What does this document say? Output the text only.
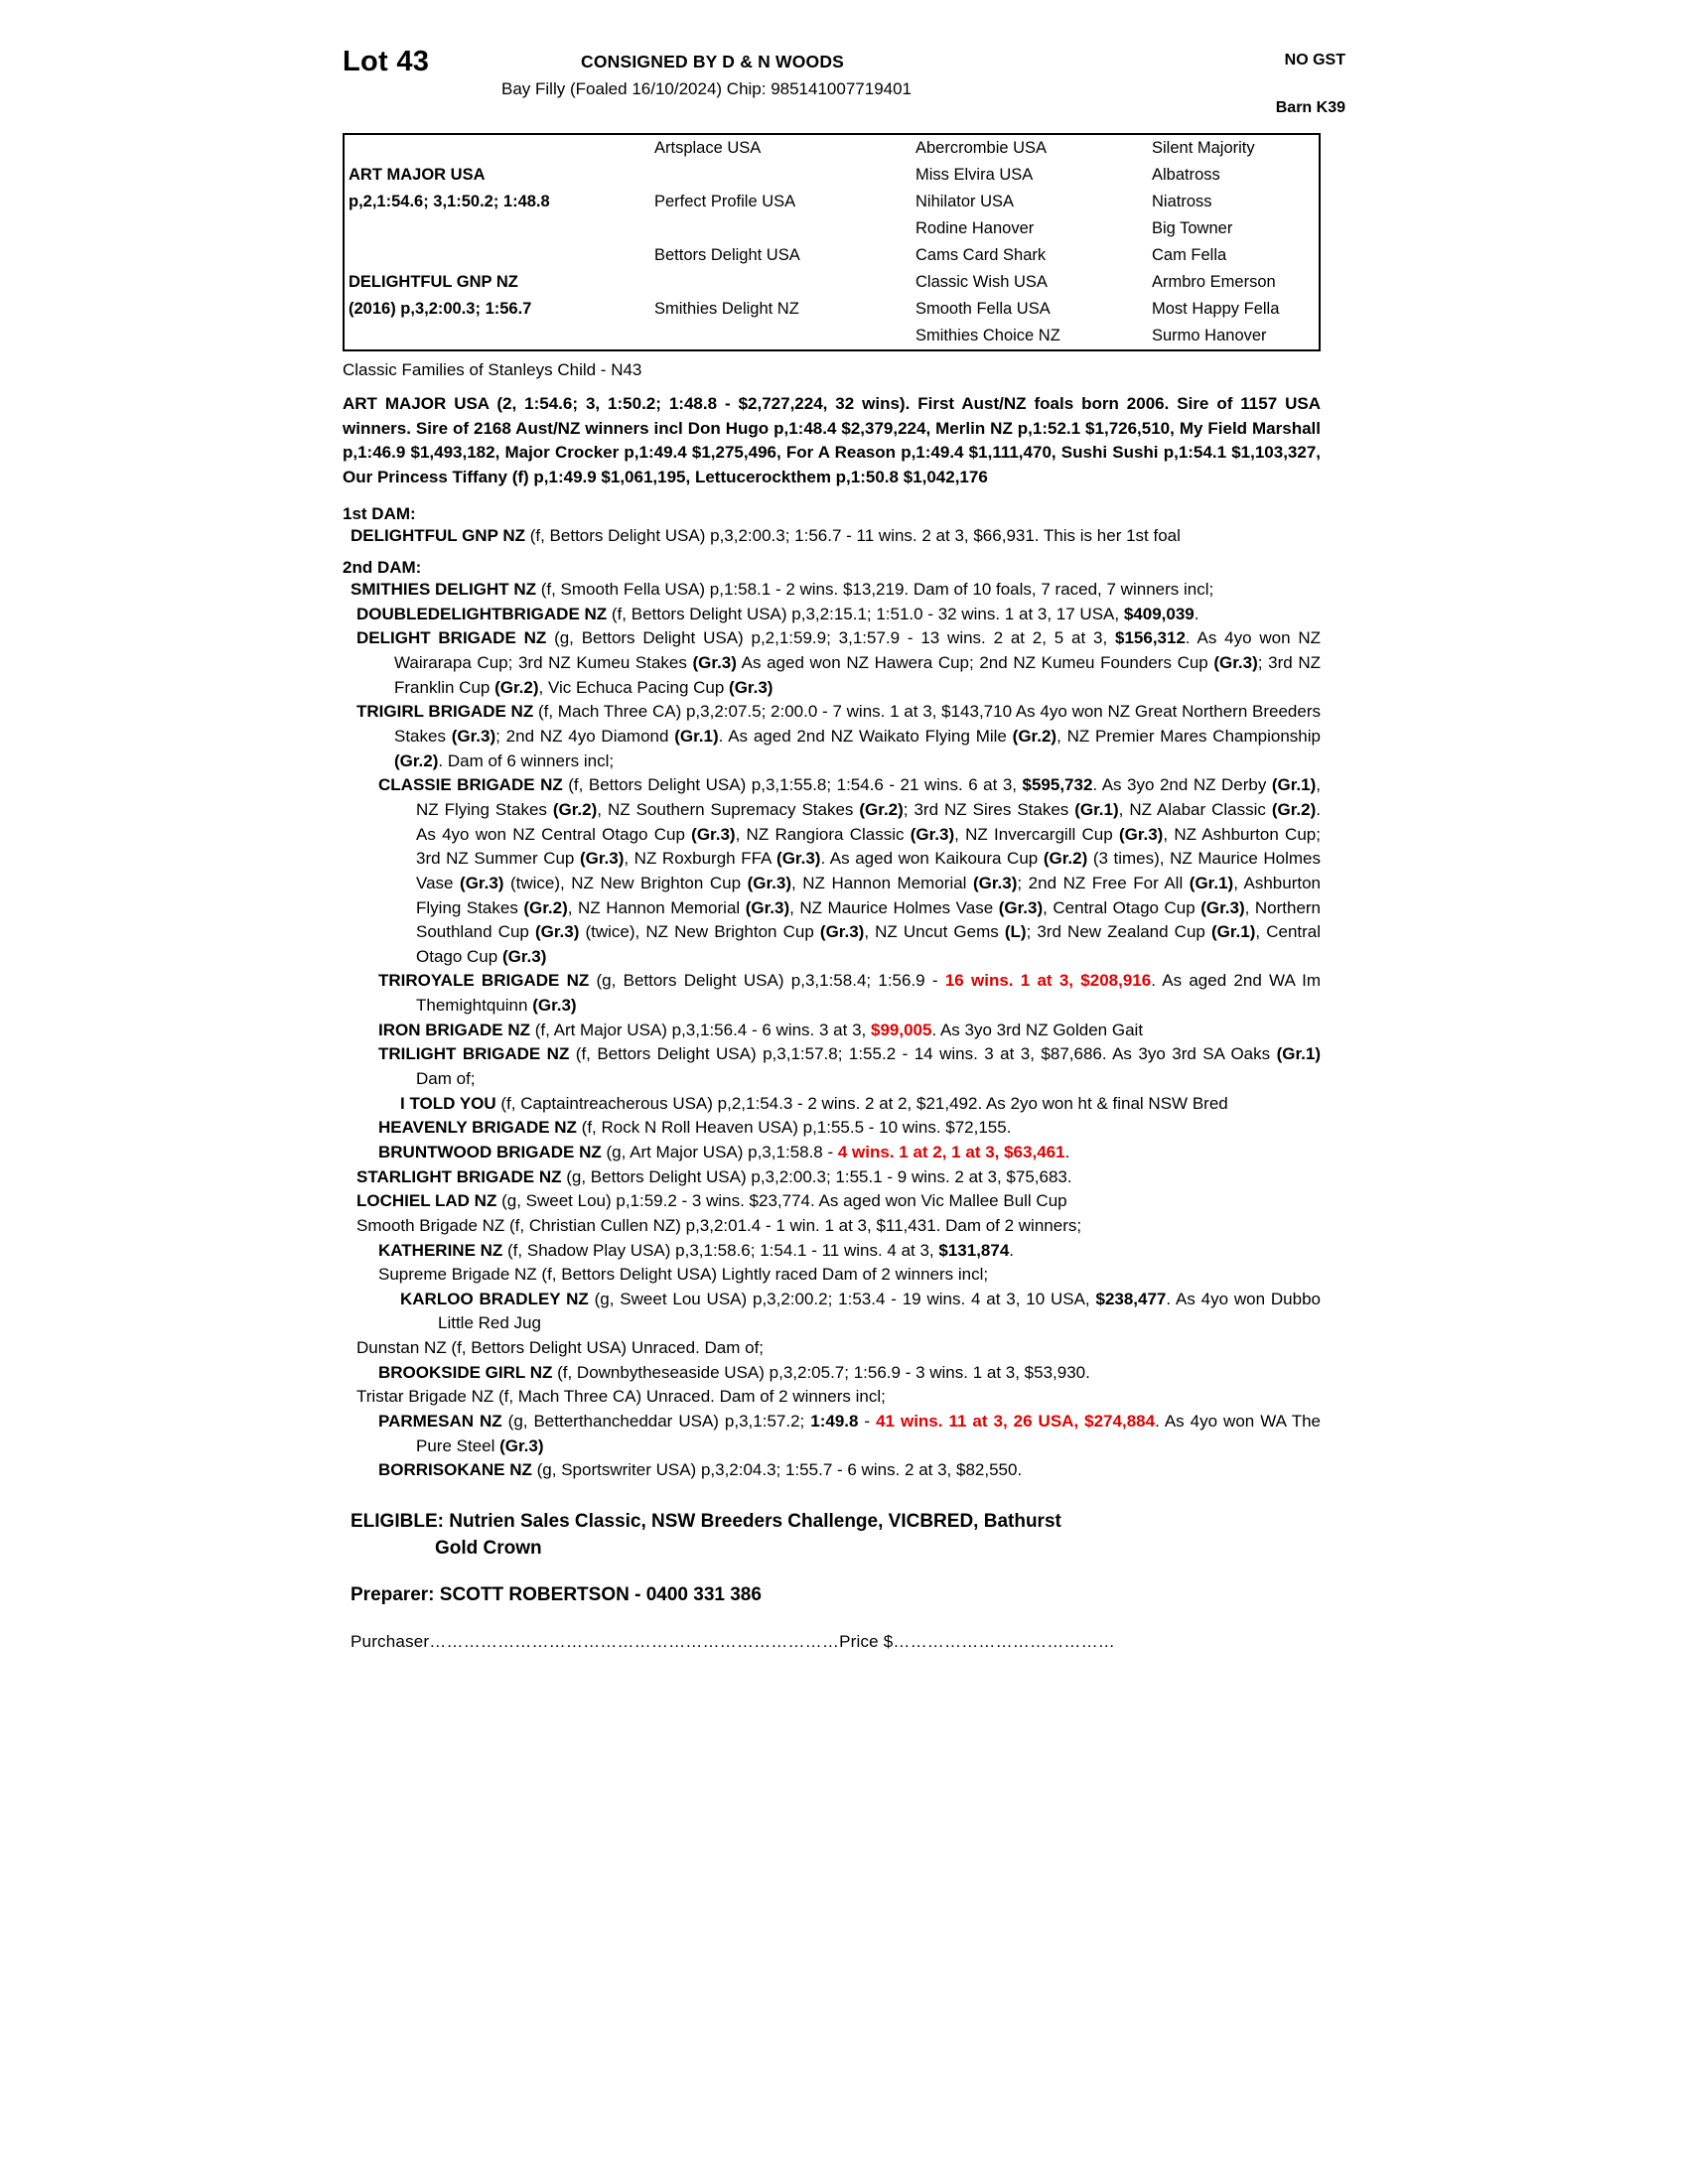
Lot 43	CONSIGNED BY D & N WOODS	NO GST
Bay Filly (Foaled 16/10/2024) Chip: 985141007719401
Barn K39
	Artsplace USA	Abercrombie USA	Silent Majority
ART MAJOR USA		Miss Elvira USA	Albatross
p,2,1:54.6; 3,1:50.2; 1:48.8	Perfect Profile USA	Nihilator USA	Niatross
		Rodine Hanover	Big Towner
	Bettors Delight USA	Cams Card Shark	Cam Fella
DELIGHTFUL GNP NZ		Classic Wish USA	Armbro Emerson
(2016) p,3,2:00.3; 1:56.7	Smithies Delight NZ	Smooth Fella USA	Most Happy Fella
		Smithies Choice NZ	Surmo Hanover
Classic Families of Stanleys Child - N43
ART MAJOR USA (2, 1:54.6; 3, 1:50.2; 1:48.8 - $2,727,224, 32 wins). First Aust/NZ foals born 2006. Sire of 1157 USA winners. Sire of 2168 Aust/NZ winners incl Don Hugo p,1:48.4 $2,379,224, Merlin NZ p,1:52.1 $1,726,510, My Field Marshall p,1:46.9 $1,493,182, Major Crocker p,1:49.4 $1,275,496, For A Reason p,1:49.4 $1,111,470, Sushi Sushi p,1:54.1 $1,103,327, Our Princess Tiffany (f) p,1:49.9 $1,061,195, Lettucerockthem p,1:50.8 $1,042,176
1st DAM:

DELIGHTFUL GNP NZ (f, Bettors Delight USA) p,3,2:00.3; 1:56.7 - 11 wins. 2 at 3, $66,931. This is her 1st foal

2nd DAM:

SMITHIES DELIGHT NZ (f, Smooth Fella USA) p,1:58.1 - 2 wins. $13,219. Dam of 10 foals, 7 raced, 7 winners incl;

DOUBLEDELIGHTBRIGADE NZ (f, Bettors Delight USA) p,3,2:15.1; 1:51.0 - 32 wins. 1 at 3, 17 USA, $409,039.

DELIGHT BRIGADE NZ (g, Bettors Delight USA) p,2,1:59.9; 3,1:57.9 - 13 wins. 2 at 2, 5 at 3, $156,312. As 4yo won NZ Wairarapa Cup; 3rd NZ Kumeu Stakes (Gr.3) As aged won NZ Hawera Cup; 2nd NZ Kumeu Founders Cup (Gr.3); 3rd NZ Franklin Cup (Gr.2), Vic Echuca Pacing Cup (Gr.3)

TRIGIRL BRIGADE NZ (f, Mach Three CA) p,3,2:07.5; 2:00.0 - 7 wins. 1 at 3, $143,710 As 4yo won NZ Great Northern Breeders Stakes (Gr.3); 2nd NZ 4yo Diamond (Gr.1). As aged 2nd NZ Waikato Flying Mile (Gr.2), NZ Premier Mares Championship (Gr.2). Dam of 6 winners incl;

CLASSIE BRIGADE NZ (f, Bettors Delight USA) p,3,1:55.8; 1:54.6 - 21 wins. 6 at 3, $595,732. As 3yo 2nd NZ Derby (Gr.1), NZ Flying Stakes (Gr.2), NZ Southern Supremacy Stakes (Gr.2); 3rd NZ Sires Stakes (Gr.1), NZ Alabar Classic (Gr.2). As 4yo won NZ Central Otago Cup (Gr.3), NZ Rangiora Classic (Gr.3), NZ Invercargill Cup (Gr.3), NZ Ashburton Cup; 3rd NZ Summer Cup (Gr.3), NZ Roxburgh FFA (Gr.3). As aged won Kaikoura Cup (Gr.2) (3 times), NZ Maurice Holmes Vase (Gr.3) (twice), NZ New Brighton Cup (Gr.3), NZ Hannon Memorial (Gr.3); 2nd NZ Free For All (Gr.1), Ashburton Flying Stakes (Gr.2), NZ Hannon Memorial (Gr.3), NZ Maurice Holmes Vase (Gr.3), Central Otago Cup (Gr.3), Northern Southland Cup (Gr.3) (twice), NZ New Brighton Cup (Gr.3), NZ Uncut Gems (L); 3rd New Zealand Cup (Gr.1), Central Otago Cup (Gr.3)

TRIROYALE BRIGADE NZ (g, Bettors Delight USA) p,3,1:58.4; 1:56.9 - 16 wins. 1 at 3, $208,916. As aged 2nd WA Im Themightquinn (Gr.3)

IRON BRIGADE NZ (f, Art Major USA) p,3,1:56.4 - 6 wins. 3 at 3, $99,005. As 3yo 3rd NZ Golden Gait

TRILIGHT BRIGADE NZ (f, Bettors Delight USA) p,3,1:57.8; 1:55.2 - 14 wins. 3 at 3, $87,686. As 3yo 3rd SA Oaks (Gr.1) Dam of;

I TOLD YOU (f, Captaintreacherous USA) p,2,1:54.3 - 2 wins. 2 at 2, $21,492. As 2yo won ht & final NSW Bred

HEAVENLY BRIGADE NZ (f, Rock N Roll Heaven USA) p,1:55.5 - 10 wins. $72,155.

BRUNTWOOD BRIGADE NZ (g, Art Major USA) p,3,1:58.8 - 4 wins. 1 at 2, 1 at 3, $63,461.

STARLIGHT BRIGADE NZ (g, Bettors Delight USA) p,3,2:00.3; 1:55.1 - 9 wins. 2 at 3, $75,683.

LOCHIEL LAD NZ (g, Sweet Lou) p,1:59.2 - 3 wins. $23,774. As aged won Vic Mallee Bull Cup

Smooth Brigade NZ (f, Christian Cullen NZ) p,3,2:01.4 - 1 win. 1 at 3, $11,431. Dam of 2 winners;

KATHERINE NZ (f, Shadow Play USA) p,3,1:58.6; 1:54.1 - 11 wins. 4 at 3, $131,874.

Supreme Brigade NZ (f, Bettors Delight USA) Lightly raced Dam of 2 winners incl;

KARLOO BRADLEY NZ (g, Sweet Lou USA) p,3,2:00.2; 1:53.4 - 19 wins. 4 at 3, 10 USA, $238,477. As 4yo won Dubbo Little Red Jug

Dunstan NZ (f, Bettors Delight USA) Unraced. Dam of;

BROOKSIDE GIRL NZ (f, Downbytheseaside USA) p,3,2:05.7; 1:56.9 - 3 wins. 1 at 3, $53,930.

Tristar Brigade NZ (f, Mach Three CA) Unraced. Dam of 2 winners incl;

PARMESAN NZ (g, Betterthancheddar USA) p,3,1:57.2; 1:49.8 - 41 wins. 11 at 3, 26 USA, $274,884. As 4yo won WA The Pure Steel (Gr.3)

BORRISOKANE NZ (g, Sportswriter USA) p,3,2:04.3; 1:55.7 - 6 wins. 2 at 3, $82,550.

ELIGIBLE: Nutrien Sales Classic, NSW Breeders Challenge, VICBRED, Bathurst
Gold Crown
Preparer: SCOTT ROBERTSON - 0400 331 386
Purchaser………………………………………………………………Price $…………………………………
